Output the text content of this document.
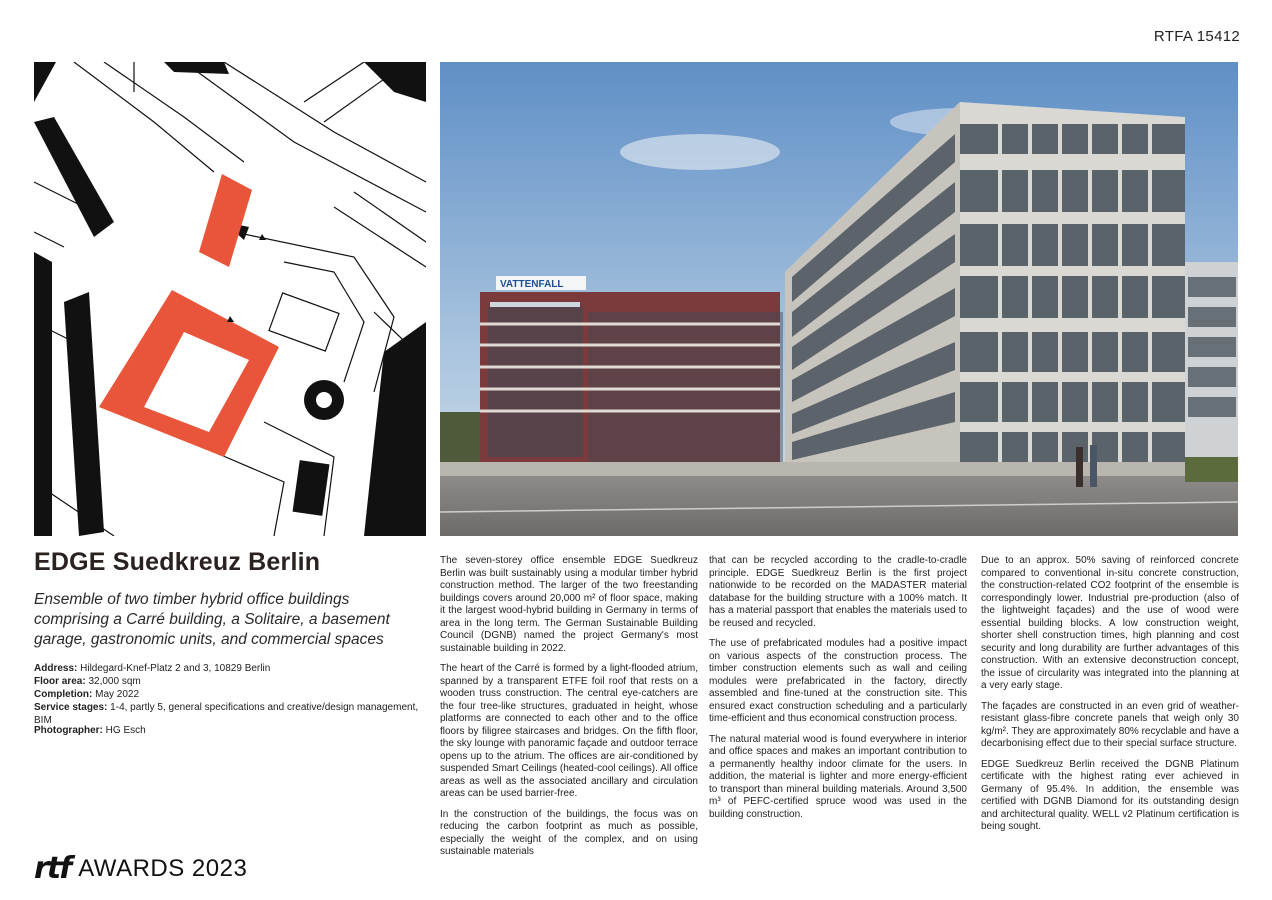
RTFA 15412
VATTENFALL
EDGE Suedkreuz Berlin

Ensemble of two timber hybrid office buildings comprising a Carré building, a Solitaire, a basement garage, gastronomic units, and commercial spaces

Address: Hildegard-Knef-Platz 2 and 3, 10829 Berlin
Floor area: 32,000 sqm
Completion: May 2022
Service stages: 1-4, partly 5, general specifications and creative/design management, BIM
Photographer: HG Esch

The seven-storey office ensemble EDGE Suedkreuz Berlin was built sustainably using a modular timber hybrid construction method. The larger of the two freestanding buildings covers around 20,000 m² of floor space, making it the largest wood-hybrid building in Germany in terms of area in the long term. The German Sustainable Building Council (DGNB) named the project Germany's most sustainable building in 2022.

The heart of the Carré is formed by a light-flooded atrium, spanned by a transparent ETFE foil roof that rests on a wooden truss construction. The central eye-catchers are the four tree-like structures, graduated in height, whose platforms are connected to each other and to the office floors by filigree staircases and bridges. On the fifth floor, the sky lounge with panoramic façade and outdoor terrace opens up to the atrium. The offices are air-conditioned by suspended Smart Ceilings (heated-cool ceilings). All office areas as well as the associated ancillary and circulation areas can be used barrier-free.

In the construction of the buildings, the focus was on reducing the carbon footprint as much as possible, especially the weight of the complex, and on using sustainable materials

that can be recycled according to the cradle-to-cradle principle. EDGE Suedkreuz Berlin is the first project nationwide to be recorded on the MADASTER material database for the building structure with a 100% match. It has a material passport that enables the materials used to be reused and recycled.

The use of prefabricated modules had a positive impact on various aspects of the construction process. The timber construction elements such as wall and ceiling modules were prefabricated in the factory, directly assembled and fine-tuned at the construction site. This ensured exact construction scheduling and a particularly time-efficient and thus economical construction process.

The natural material wood is found everywhere in interior and office spaces and makes an important contribution to a permanently healthy indoor climate for the users. In addition, the material is lighter and more energy-efficient to transport than mineral building materials. Around 3,500 m³ of PEFC-certified spruce wood was used in the building construction.

Due to an approx. 50% saving of reinforced concrete compared to conventional in-situ concrete construction, the construction-related CO2 footprint of the ensemble is correspondingly lower. Industrial pre-production (also of the lightweight façades) and the use of wood were essential building blocks. A low construction weight, shorter shell construction times, high planning and cost security and long durability are further advantages of this construction. With an extensive deconstruction concept, the issue of circularity was integrated into the planning at a very early stage.

The façades are constructed in an even grid of weather-resistant glass-fibre concrete panels that weigh only 30 kg/m². They are approximately 80% recyclable and have a decarbonising effect due to their special surface structure.

EDGE Suedkreuz Berlin received the DGNB Platinum certificate with the highest rating ever achieved in Germany of 95.4%. In addition, the ensemble was certified with DGNB Diamond for its outstanding design and architectural quality. WELL v2 Platinum certification is being sought.

rtf AWARDS 2023
